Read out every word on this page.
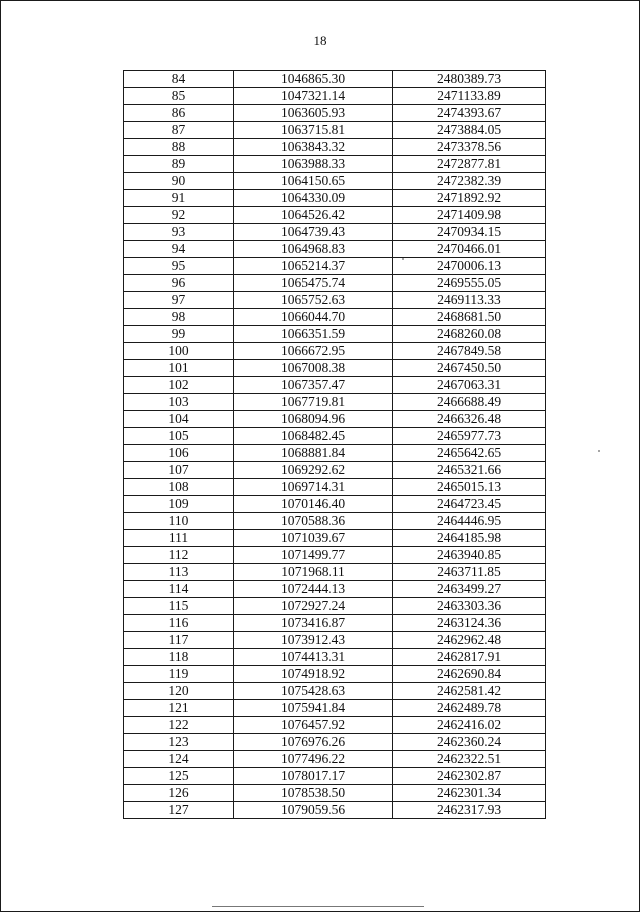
18
84	1046865.30	2480389.73
85	1047321.14	2471133.89
86	1063605.93	2474393.67
87	1063715.81	2473884.05
88	1063843.32	2473378.56
89	1063988.33	2472877.81
90	1064150.65	2472382.39
91	1064330.09	2471892.92
92	1064526.42	2471409.98
93	1064739.43	2470934.15
94	1064968.83	2470466.01
95	1065214.37	2470006.13
96	1065475.74	2469555.05
97	1065752.63	2469113.33
98	1066044.70	2468681.50
99	1066351.59	2468260.08
100	1066672.95	2467849.58
101	1067008.38	2467450.50
102	1067357.47	2467063.31
103	1067719.81	2466688.49
104	1068094.96	2466326.48
105	1068482.45	2465977.73
106	1068881.84	2465642.65
107	1069292.62	2465321.66
108	1069714.31	2465015.13
109	1070146.40	2464723.45
110	1070588.36	2464446.95
111	1071039.67	2464185.98
112	1071499.77	2463940.85
113	1071968.11	2463711.85
114	1072444.13	2463499.27
115	1072927.24	2463303.36
116	1073416.87	2463124.36
117	1073912.43	2462962.48
118	1074413.31	2462817.91
119	1074918.92	2462690.84
120	1075428.63	2462581.42
121	1075941.84	2462489.78
122	1076457.92	2462416.02
123	1076976.26	2462360.24
124	1077496.22	2462322.51
125	1078017.17	2462302.87
126	1078538.50	2462301.34
127	1079059.56	2462317.93
